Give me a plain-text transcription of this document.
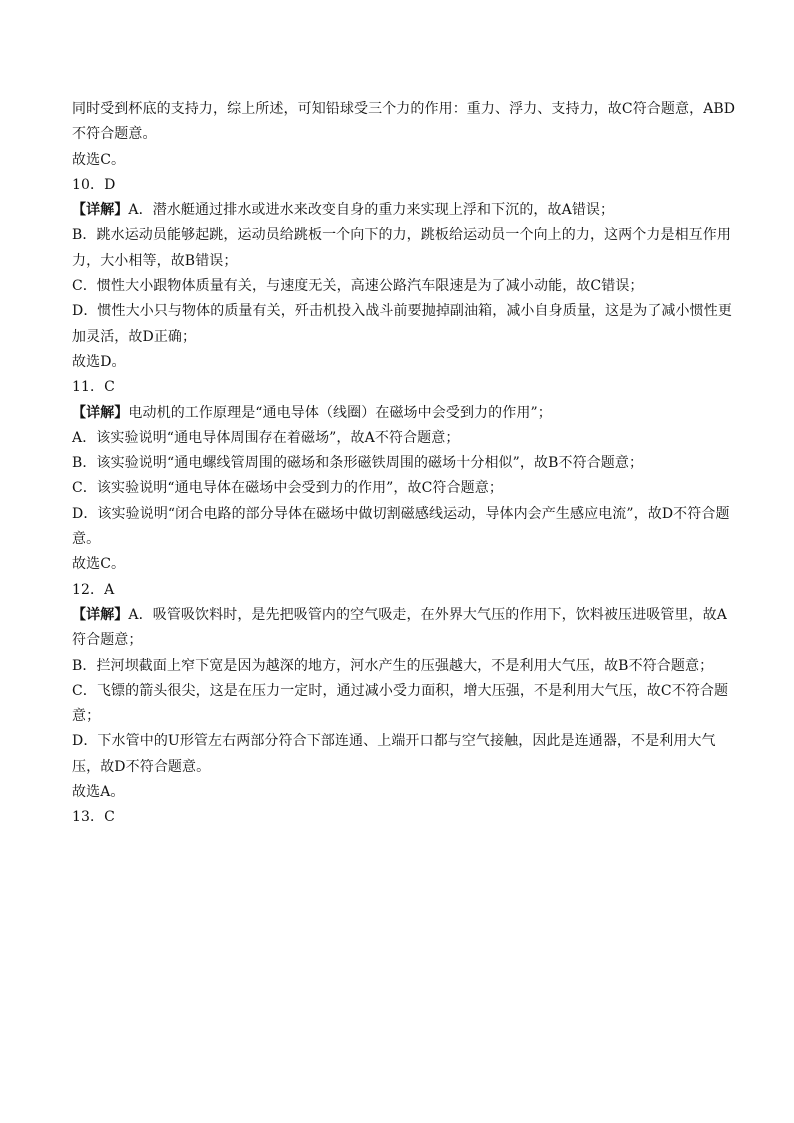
同时受到杯底的支持力，综上所述，可知铅球受三个力的作用：重力、浮力、支持力，故C符合题意，ABD

不符合题意。

故选C。

10．D

【详解】A．潜水艇通过排水或进水来改变自身的重力来实现上浮和下沉的，故A错误；

B．跳水运动员能够起跳，运动员给跳板一个向下的力，跳板给运动员一个向上的力，这两个力是相互作用

力，大小相等，故B错误；

C．惯性大小跟物体质量有关，与速度无关，高速公路汽车限速是为了减小动能，故C错误；

D．惯性大小只与物体的质量有关，歼击机投入战斗前要抛掉副油箱，减小自身质量，这是为了减小惯性更

加灵活，故D正确；

故选D。

11．C

【详解】电动机的工作原理是“通电导体（线圈）在磁场中会受到力的作用”；

A．该实验说明“通电导体周围存在着磁场”，故A不符合题意；

B．该实验说明“通电螺线管周围的磁场和条形磁铁周围的磁场十分相似”，故B不符合题意；

C．该实验说明“通电导体在磁场中会受到力的作用”，故C符合题意；

D．该实验说明“闭合电路的部分导体在磁场中做切割磁感线运动，导体内会产生感应电流”，故D不符合题

意。

故选C。

12．A

【详解】A．吸管吸饮料时，是先把吸管内的空气吸走，在外界大气压的作用下，饮料被压进吸管里，故A

符合题意；

B．拦河坝截面上窄下宽是因为越深的地方，河水产生的压强越大，不是利用大气压，故B不符合题意；

C．飞镖的箭头很尖，这是在压力一定时，通过减小受力面积，增大压强，不是利用大气压，故C不符合题

意；

D．下水管中的U形管左右两部分符合下部连通、上端开口都与空气接触，因此是连通器，不是利用大气

压，故D不符合题意。

故选A。

13．C
